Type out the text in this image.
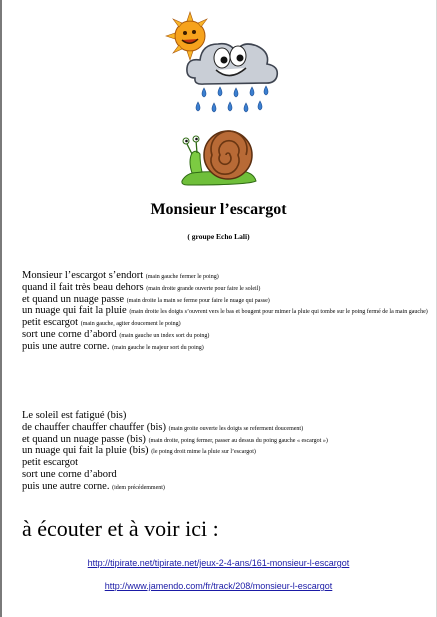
Monsieur l’escargot
( groupe Echo Lali)
Monsieur l’escargot s’endort (main gauche fermer le poing)
quand il fait très beau dehors (main droite grande ouverte pour faire le soleil)
et quand un nuage passe (main droite la main se ferme pour faire le nuage qui passe)
un nuage qui fait la pluie (main droite les doigts s’ouvrent vers le bas et bougent pour mimer la pluie qui tombe sur le poing fermé de la main gauche)
petit escargot (main gauche, agiter doucement le poing)
sort une corne d’abord (main gauche un index sort du poing)
puis une autre corne. (main gauche le majeur sort du poing)
Le soleil est fatigué (bis)
de chauffer chauffer chauffer (bis) (main groite ouverte les doigts se referment doucement)
et quand un nuage passe (bis) (main droite, poing fermer, passer au dessus du poing gauche « escargot »)
un nuage qui fait la pluie (bis) (le poing droit mime la pluie sur l’escargot)
petit escargot
sort une corne d’abord
puis une autre corne. (idem précédemment)
à écouter et à voir ici :
http://tipirate.net/tipirate.net/jeux-2-4-ans/161-monsieur-l-escargot
http://www.jamendo.com/fr/track/208/monsieur-l-escargot
